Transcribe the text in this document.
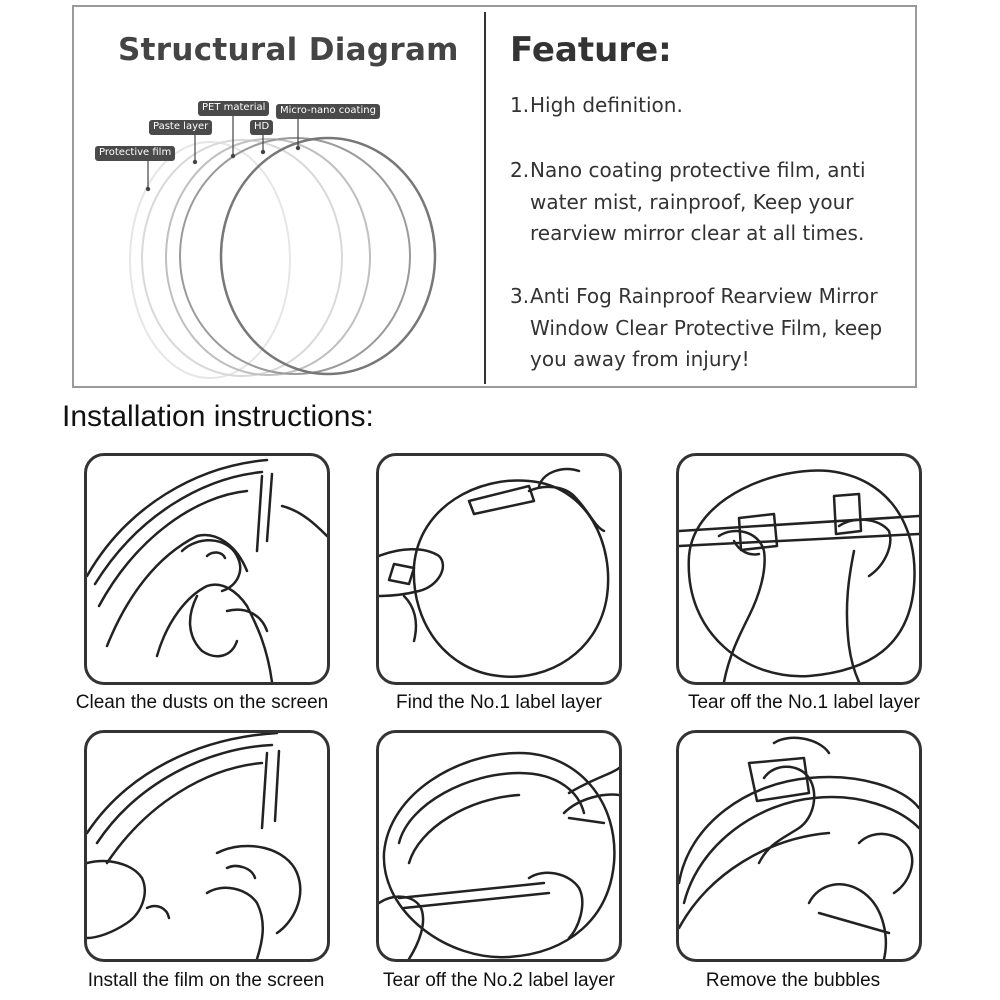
Structural Diagram
Protective film
Paste layer
PET material
HD
Micro-nano coating
Feature:
1. High definition.
2. Nano coating protective film, anti water mist, rainproof, Keep your rearview mirror clear at all times.
3. Anti Fog Rainproof Rearview Mirror Window Clear Protective Film, keep you away from injury!
Installation instructions:
Clean the dusts on the screen	Find the No.1 label layer	Tear off the No.1 label layer
Install the film on the screen	Tear off the No.2 label layer	Remove the bubbles
